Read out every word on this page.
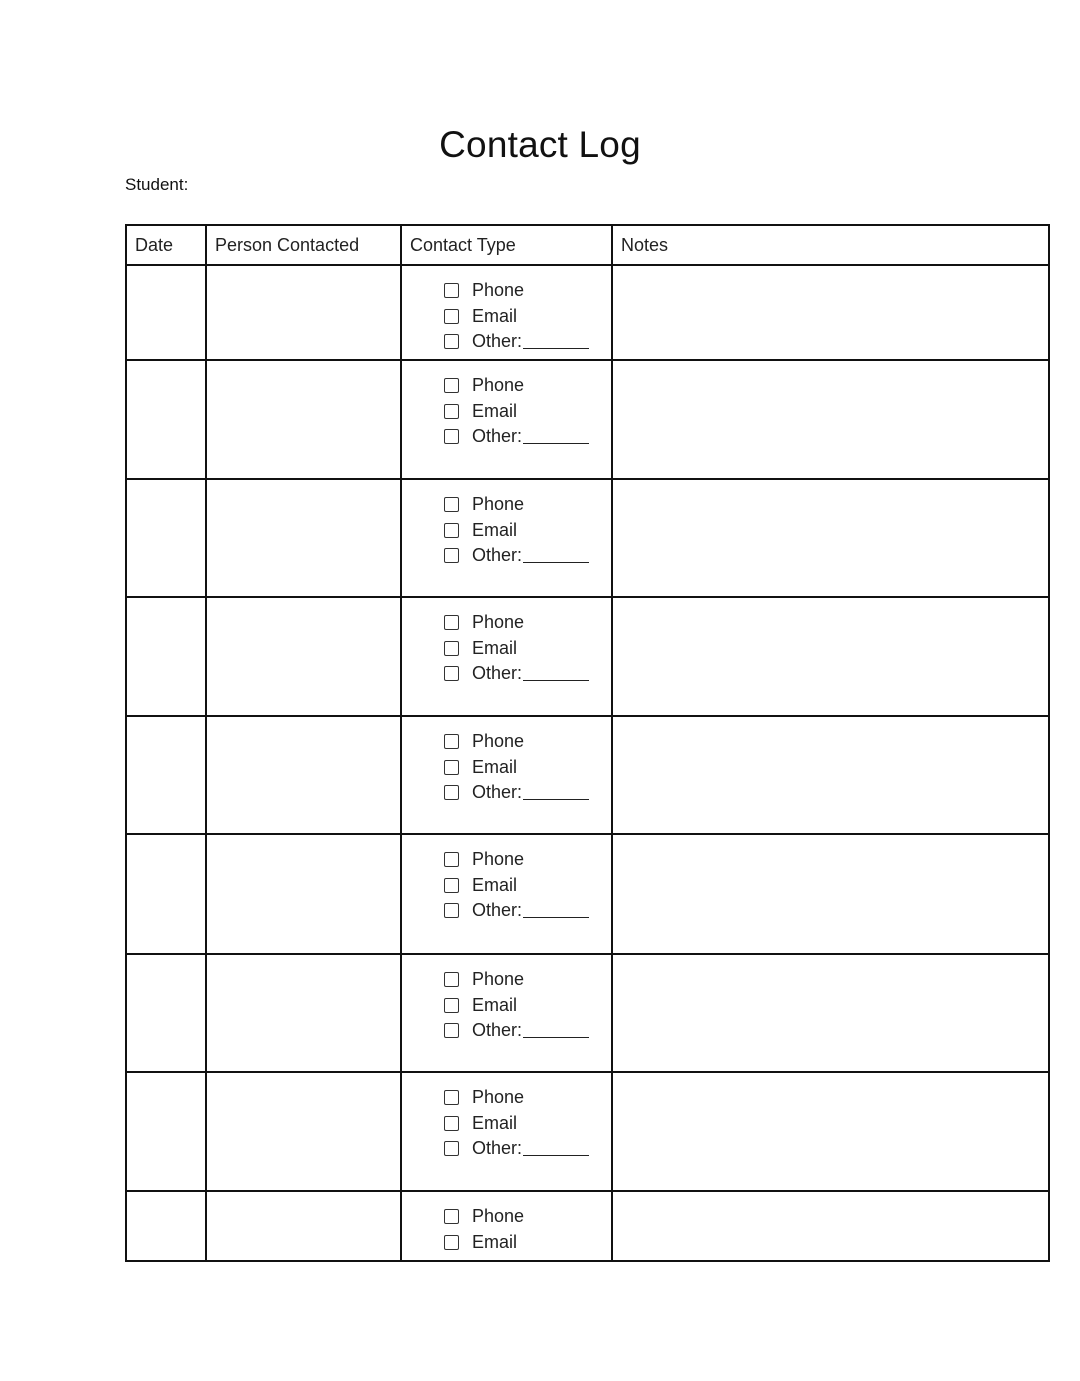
Contact Log
Student:
Date	Person Contacted	Contact Type	Notes

		Phone
Email
Other:	

		Phone
Email
Other:	

		Phone
Email
Other:	

		Phone
Email
Other:	

		Phone
Email
Other:	

		Phone
Email
Other:	

		Phone
Email
Other:	

		Phone
Email
Other:	

		Phone
Email	
